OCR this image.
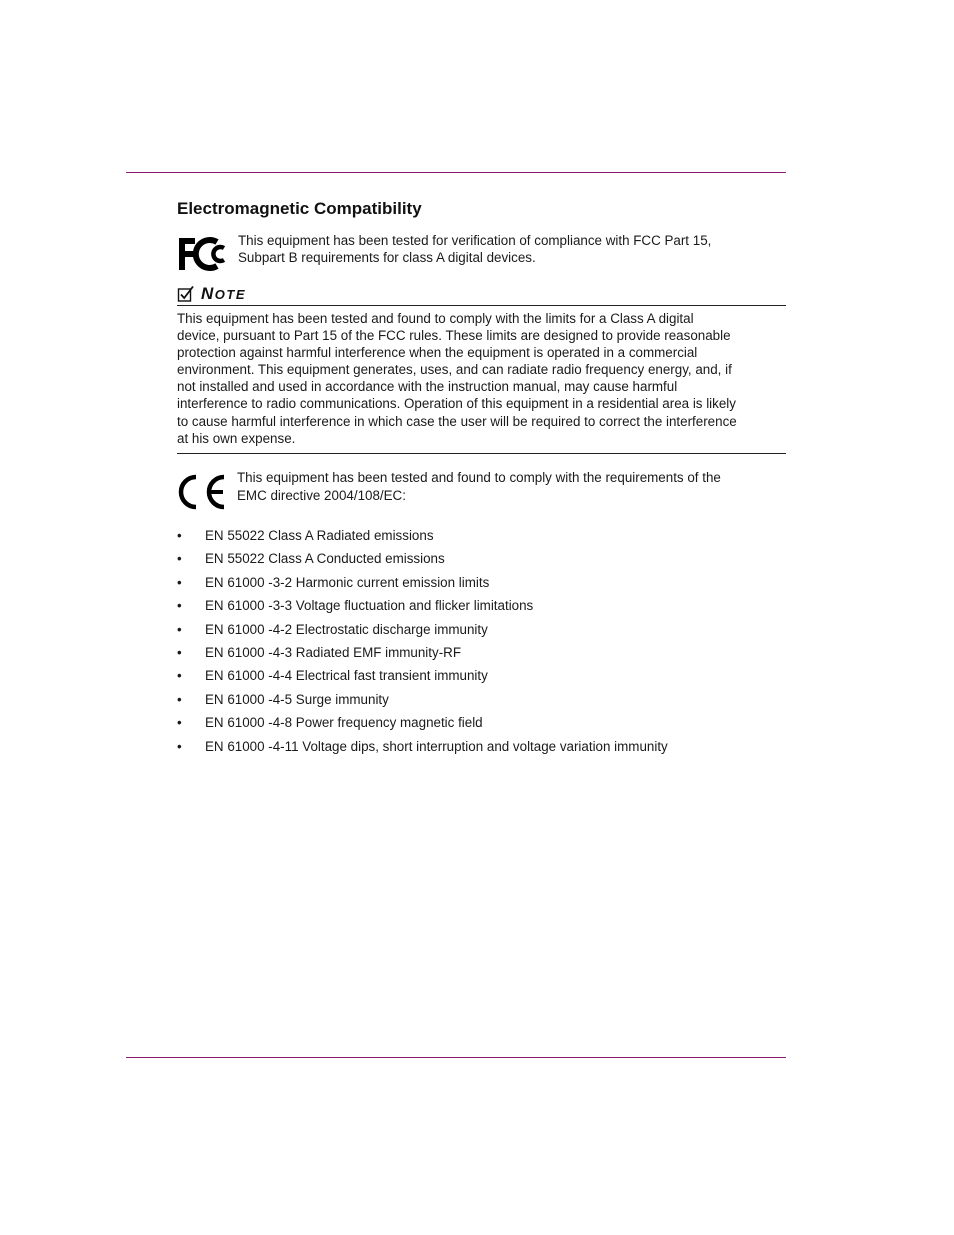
Electromagnetic Compatibility
This equipment has been tested for verification of compliance with FCC Part 15, Subpart B requirements for class A digital devices.
NOTE
This equipment has been tested and found to comply with the limits for a Class A digital device, pursuant to Part 15 of the FCC rules. These limits are designed to provide reasonable protection against harmful interference when the equipment is operated in a commercial environment. This equipment generates, uses, and can radiate radio frequency energy, and, if not installed and used in accordance with the instruction manual, may cause harmful interference to radio communications. Operation of this equipment in a residential area is likely to cause harmful interference in which case the user will be required to correct the interference at his own expense.
This equipment has been tested and found to comply with the requirements of the EMC directive 2004/108/EC:
• EN 55022 Class A Radiated emissions
• EN 55022 Class A Conducted emissions
• EN 61000 -3-2 Harmonic current emission limits
• EN 61000 -3-3 Voltage fluctuation and flicker limitations
• EN 61000 -4-2 Electrostatic discharge immunity
• EN 61000 -4-3 Radiated EMF immunity-RF
• EN 61000 -4-4 Electrical fast transient immunity
• EN 61000 -4-5 Surge immunity
• EN 61000 -4-8 Power frequency magnetic field
• EN 61000 -4-11 Voltage dips, short interruption and voltage variation immunity
